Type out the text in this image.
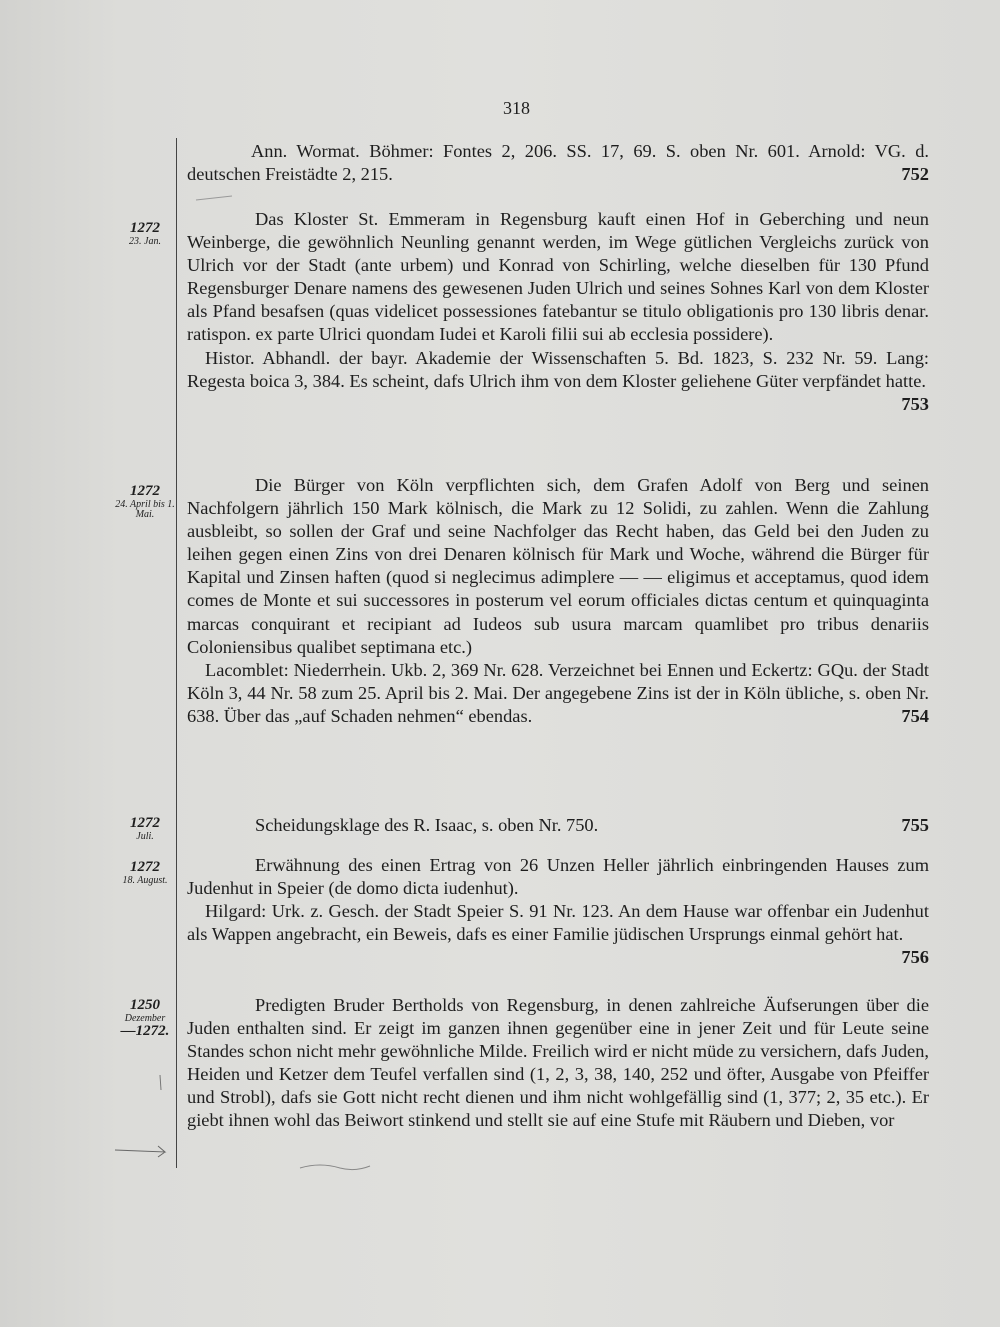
318

Ann. Wormat. Böhmer: Fontes 2, 206. SS. 17, 69. S. oben Nr. 601. Arnold: VG. d. deutschen Freistädte 2, 215.	752

1272
23. Jan.

Das Kloster St. Emmeram in Regensburg kauft einen Hof in Geberching und neun Weinberge, die gewöhnlich Neunling genannt werden, im Wege gütlichen Vergleichs zurück von Ulrich vor der Stadt (ante urbem) und Konrad von Schirling, welche dieselben für 130 Pfund Regensburger Denare namens des gewesenen Juden Ulrich und seines Sohnes Karl von dem Kloster als Pfand besafsen (quas videlicet possessiones fatebantur se titulo obligationis pro 130 libris denar. ratispon. ex parte Ulrici quondam Iudei et Karoli filii sui ab ecclesia possidere).

Histor. Abhandl. der bayr. Akademie der Wissenschaften 5. Bd. 1823, S. 232 Nr. 59. Lang: Regesta boica 3, 384. Es scheint, dafs Ulrich ihm von dem Kloster geliehene Güter verpfändet hatte.
753

1272
24. April bis 1. Mai.

Die Bürger von Köln verpflichten sich, dem Grafen Adolf von Berg und seinen Nachfolgern jährlich 150 Mark kölnisch, die Mark zu 12 Solidi, zu zahlen. Wenn die Zahlung ausbleibt, so sollen der Graf und seine Nachfolger das Recht haben, das Geld bei den Juden zu leihen gegen einen Zins von drei Denaren kölnisch für Mark und Woche, während die Bürger für Kapital und Zinsen haften (quod si neglecimus adimplere — — eligimus et acceptamus, quod idem comes de Monte et sui successores in posterum vel eorum officiales dictas centum et quinquaginta marcas conquirant et recipiant ad Iudeos sub usura marcam quamlibet pro tribus denariis Coloniensibus qualibet septimana etc.)

Lacomblet: Niederrhein. Ukb. 2, 369 Nr. 628. Verzeichnet bei Ennen und Eckertz: GQu. der Stadt Köln 3, 44 Nr. 58 zum 25. April bis 2. Mai. Der angegebene Zins ist der in Köln übliche, s. oben Nr. 638. Über das „auf Schaden nehmen“ ebendas.	754

1272
Juli.

Scheidungsklage des R. Isaac, s. oben Nr. 750.	755

1272
18. August.

Erwähnung des einen Ertrag von 26 Unzen Heller jährlich einbringenden Hauses zum Judenhut in Speier (de domo dicta iudenhut).

Hilgard: Urk. z. Gesch. der Stadt Speier S. 91 Nr. 123. An dem Hause war offenbar ein Judenhut als Wappen angebracht, ein Beweis, dafs es einer Familie jüdischen Ursprungs einmal gehört hat.
756

1250
Dezember
—1272.

Predigten Bruder Bertholds von Regensburg, in denen zahlreiche Äufserungen über die Juden enthalten sind. Er zeigt im ganzen ihnen gegenüber eine in jener Zeit und für Leute seine Standes schon nicht mehr gewöhnliche Milde. Freilich wird er nicht müde zu versichern, dafs Juden, Heiden und Ketzer dem Teufel verfallen sind (1, 2, 3, 38, 140, 252 und öfter, Ausgabe von Pfeiffer und Strobl), dafs sie Gott nicht recht dienen und ihm nicht wohlgefällig sind (1, 377; 2, 35 etc.). Er giebt ihnen wohl das Beiwort stinkend und stellt sie auf eine Stufe mit Räubern und Dieben, vor
